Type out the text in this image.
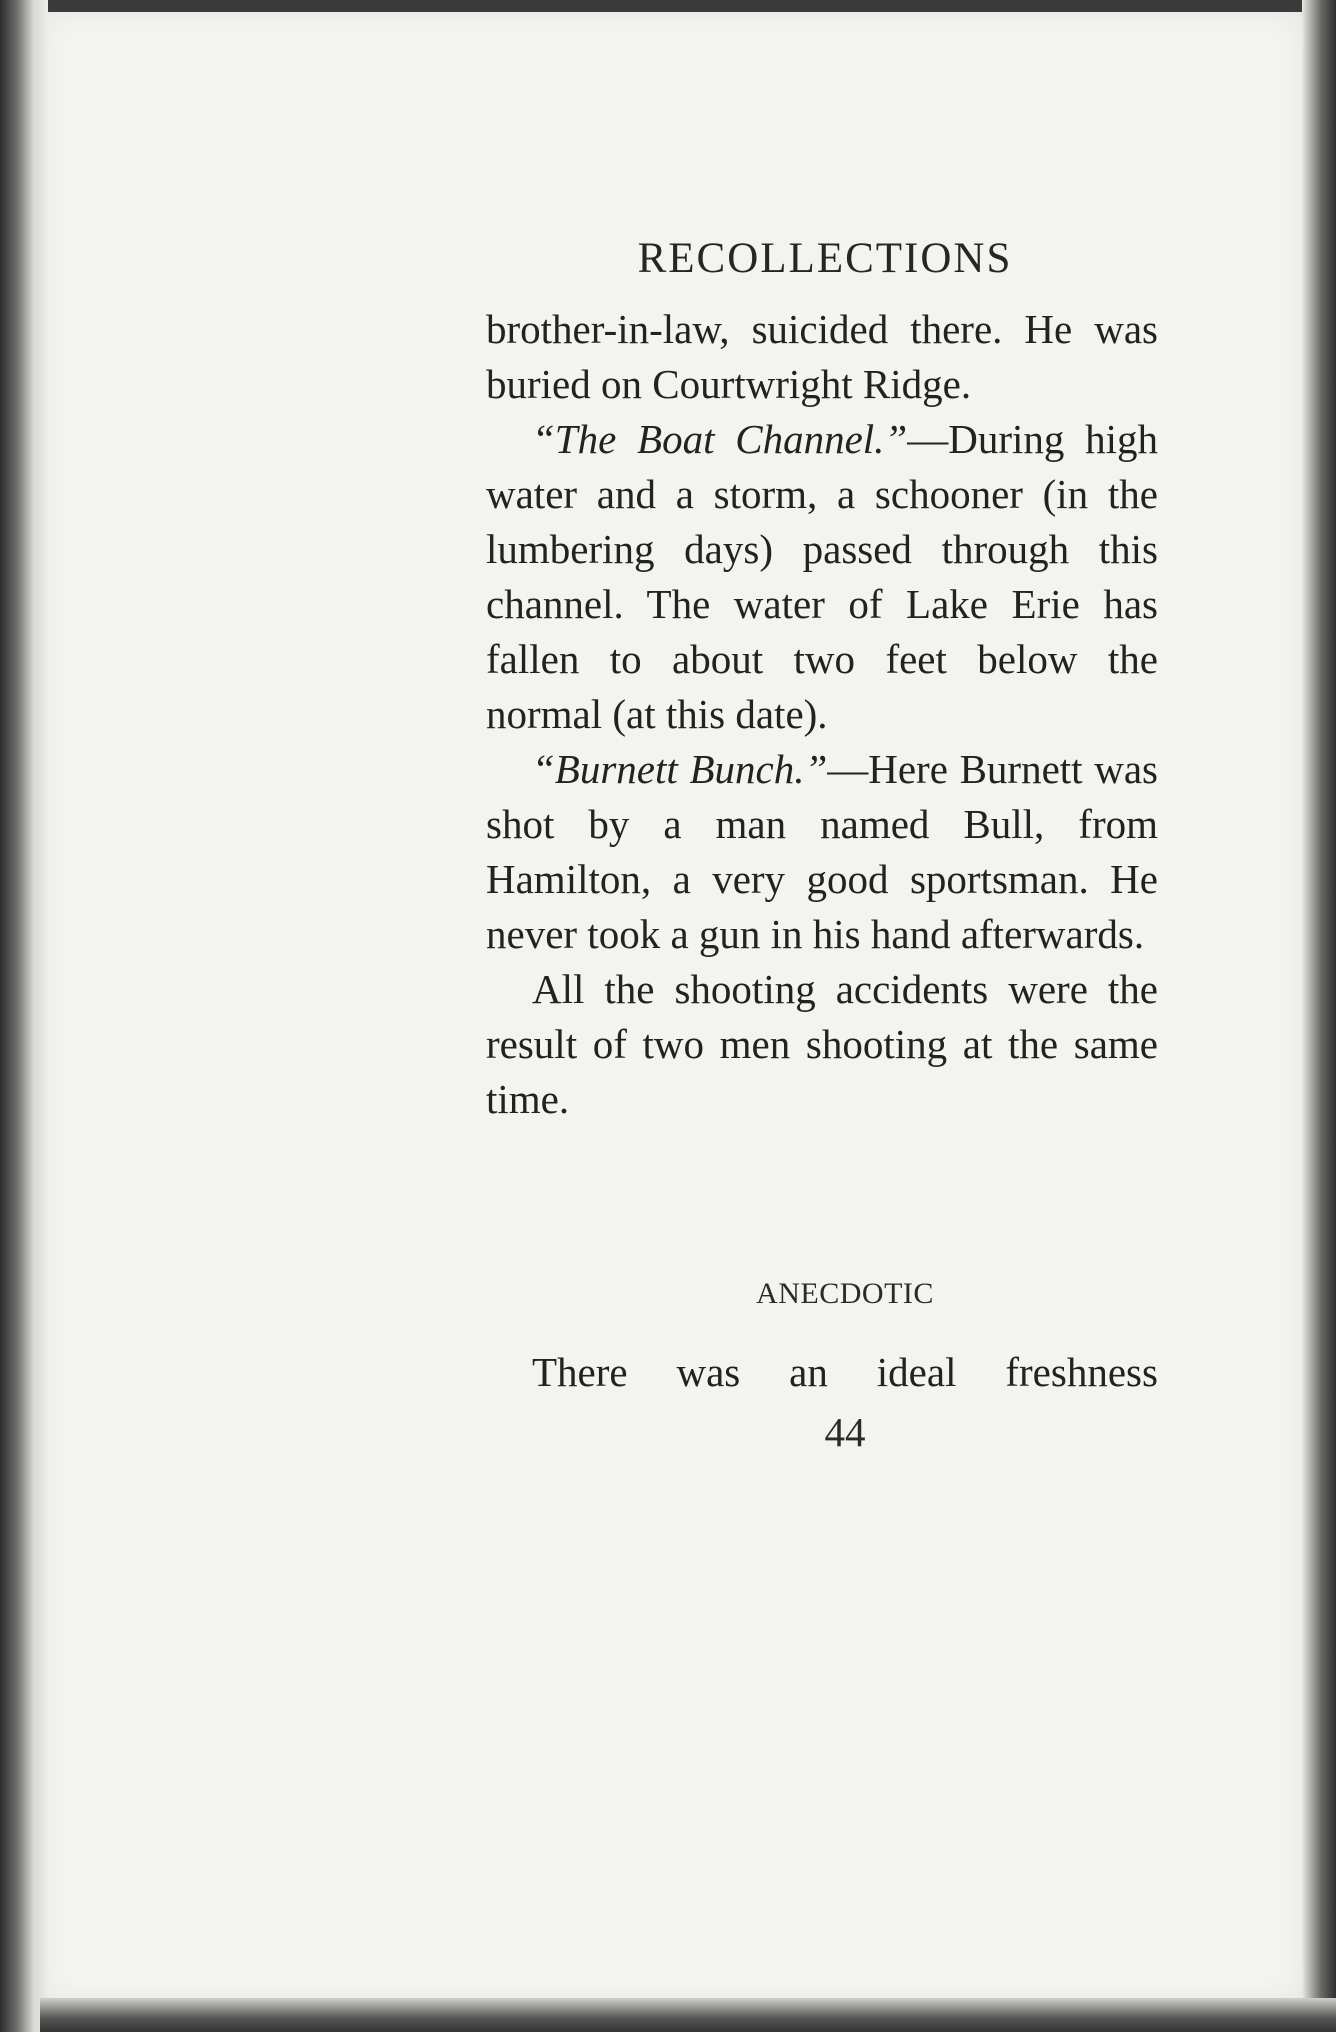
RECOLLECTIONS

brother-in-law, suicided there. He was buried on Courtwright Ridge.

“The Boat Channel.”—During high water and a storm, a schooner (in the lumbering days) passed through this channel. The water of Lake Erie has fallen to about two feet below the normal (at this date).

“Burnett Bunch.”—Here Burnett was shot by a man named Bull, from Hamilton, a very good sportsman. He never took a gun in his hand afterwards.

All the shooting accidents were the result of two men shooting at the same time.

ANECDOTIC
There was an ideal freshness
44
